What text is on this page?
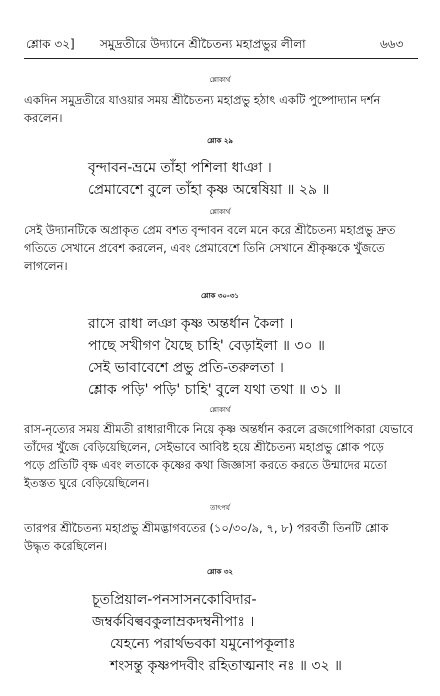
শ্লোক ৩২] সমুদ্রতীরে উদ্যানে শ্রীচৈতন্য মহাপ্রভুর লীলা	৬৬৩
শ্লোকার্থ
একদিন সমুদ্রতীরে যাওয়ার সময় শ্রীচৈতন্য মহাপ্রভু হঠাৎ একটি পুষ্পোদ্যান দর্শন
করলেন।
শ্লোক ২৯
বৃন্দাবন-ভ্রমে তাঁহা পশিলা ধাঞা ।
প্রেমাবেশে বুলে তাঁহা কৃষ্ণ অন্বেষিয়া ॥ ২৯ ॥
শ্লোকার্থ
সেই উদ্যানটিকে অপ্রাকৃত প্রেম বশত বৃন্দাবন বলে মনে করে শ্রীচৈতন্য মহাপ্রভু দ্রুত
গতিতে সেখানে প্রবেশ করলেন, এবং প্রেমাবেশে তিনি সেখানে শ্রীকৃষ্ণকে খুঁজতে
লাগলেন।
শ্লোক ৩০-৩১
রাসে রাধা লঞা কৃষ্ণ অন্তর্ধান কৈলা ।
পাছে সখীগণ যৈছে চাহি' বেড়াইলা ॥ ৩০ ॥
সেই ভাবাবেশে প্রভু প্রতি-তরুলতা ।
শ্লোক পড়ি' পড়ি' চাহি' বুলে যথা তথা ॥ ৩১ ॥
শ্লোকার্থ
রাস-নৃত্যের সময় শ্রীমতী রাধারাণীকে নিয়ে কৃষ্ণ অন্তর্ধান করলে ব্রজগোপিকারা যেভাবে
তাঁদের খুঁজে বেড়িয়েছিলেন, সেইভাবে আবিষ্ট হয়ে শ্রীচৈতন্য মহাপ্রভু শ্লোক পড়ে
পড়ে প্রতিটি বৃক্ষ এবং লতাকে কৃষ্ণের কথা জিজ্ঞাসা করতে করতে উন্মাদের মতো
ইতস্তত ঘুরে বেড়িয়েছিলেন।
তাৎপর্য
তারপর শ্রীচৈতন্য মহাপ্রভু শ্রীমদ্ভাগবতের (১০/৩০/৯, ৭, ৮) পরবর্তী তিনটি শ্লোক
উদ্ধৃত করেছিলেন।
শ্লোক ৩২
চূতপ্রিয়াল-পনসাসনকোবিদার-
জম্বর্কবিল্ববকুলাম্রকদম্বনীপাঃ ।
যেহন্যে পরার্থভবকা যমুনোপকূলাঃ
শংসন্তু কৃষ্ণপদবীং রহিতাত্মনাং নঃ ॥ ৩২ ॥
